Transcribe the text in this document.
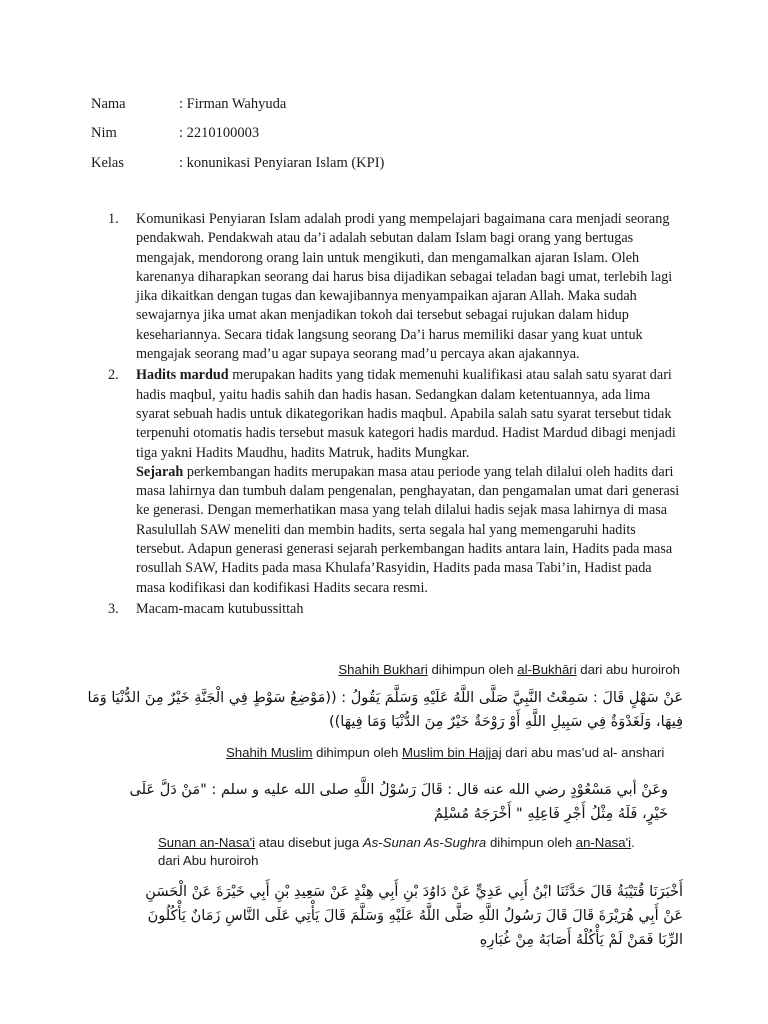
Nama	: Firman Wahyuda
Nim	: 2210100003
Kelas	: konunikasi Penyiaran Islam (KPI)
1. Komunikasi Penyiaran Islam adalah prodi yang mempelajari bagaimana cara menjadi seorang pendakwah. Pendakwah atau da’i adalah sebutan dalam Islam bagi orang yang bertugas mengajak, mendorong orang lain untuk mengikuti, dan mengamalkan ajaran Islam. Oleh karenanya diharapkan seorang dai harus bisa dijadikan sebagai teladan bagi umat, terlebih lagi jika dikaitkan dengan tugas dan kewajibannya menyampaikan ajaran Allah. Maka sudah sewajarnya jika umat akan menjadikan tokoh dai tersebut sebagai rujukan dalam hidup kesehariannya. Secara tidak langsung seorang Da’i harus memiliki dasar yang kuat untuk mengajak seorang mad’u agar supaya seorang mad’u percaya akan ajakannya.

2. Hadits mardud merupakan hadits yang tidak memenuhi kualifikasi atau salah satu syarat dari hadis maqbul, yaitu hadis sahih dan hadis hasan. Sedangkan dalam ketentuannya, ada lima syarat sebuah hadis untuk dikategorikan hadis maqbul. Apabila salah satu syarat tersebut tidak terpenuhi otomatis hadis tersebut masuk kategori hadis mardud. Hadist Mardud dibagi menjadi tiga yakni Hadits Maudhu, hadits Matruk, hadits Mungkar.

Sejarah perkembangan hadits merupakan masa atau periode yang telah dilalui oleh hadits dari masa lahirnya dan tumbuh dalam pengenalan, penghayatan, dan pengamalan umat dari generasi ke generasi. Dengan memerhatikan masa yang telah dilalui hadis sejak masa lahirnya di masa Rasulullah SAW meneliti dan membin hadits, serta segala hal yang memengaruhi hadits tersebut. Adapun generasi generasi sejarah perkembangan hadits antara lain, Hadits pada masa rosullah SAW, Hadits pada masa Khulafa’Rasyidin, Hadits pada masa Tabi’in, Hadist pada masa kodifikasi dan kodifikasi Hadits secara resmi.

3. Macam-macam kutubussittah

Shahih Bukhari dihimpun oleh al-Bukhāri dari abu huroiroh
عَنْ سَهْلٍ قَالَ : سَمِعْتُ النَّبِيَّ صَلَّى اللَّهُ عَلَيْهِ وَسَلَّمَ يَقُولُ : ((مَوْضِعُ سَوْطٍ فِي الْجَنَّةِ خَيْرٌ مِنَ الدُّنْيَا وَمَا فِيهَا، وَلَغَدْوَةٌ فِي سَبِيلِ اللَّهِ أَوْ رَوْحَةٌ خَيْرٌ مِنَ الدُّنْيَا وَمَا فِيهَا))
Shahih Muslim dihimpun oleh Muslim bin Hajjaj dari abu mas’ud al- anshari
وعَنْ أبي مَسْعُوْدٍ رضي الله عنه قال : قَالَ رَسُوْلُ اللَّهِ صلى الله عليه و سلم : "مَنْ دَلَّ عَلَى خَيْرٍ، فَلَهُ مِثْلُ أَجْرِ فَاعِلِهِ " أَخْرَجَهُ مُسْلِمٌ
Sunan an-Nasa'i atau disebut juga As-Sunan As-Sughra dihimpun oleh an-Nasa'i. dari Abu huroiroh
أَخْبَرَنَا قُتَيْبَةُ قَالَ حَدَّثَنَا ابْنُ أَبِي عَدِيٍّ عَنْ دَاوُدَ بْنِ أَبِي هِنْدٍ عَنْ سَعِيدِ بْنِ أَبِي خَيْرَةَ عَنْ الْحَسَنِ عَنْ أَبِي هُرَيْرَةَ قَالَ قَالَ رَسُولُ اللَّهِ صَلَّى اللَّهُ عَلَيْهِ وَسَلَّمَ قَالَ يَأْتِي عَلَى النَّاسِ زَمَانٌ يَأْكُلُونَ الرِّبَا فَمَنْ لَمْ يَأْكُلْهُ أَصَابَهُ مِنْ غُبَارِهِ
